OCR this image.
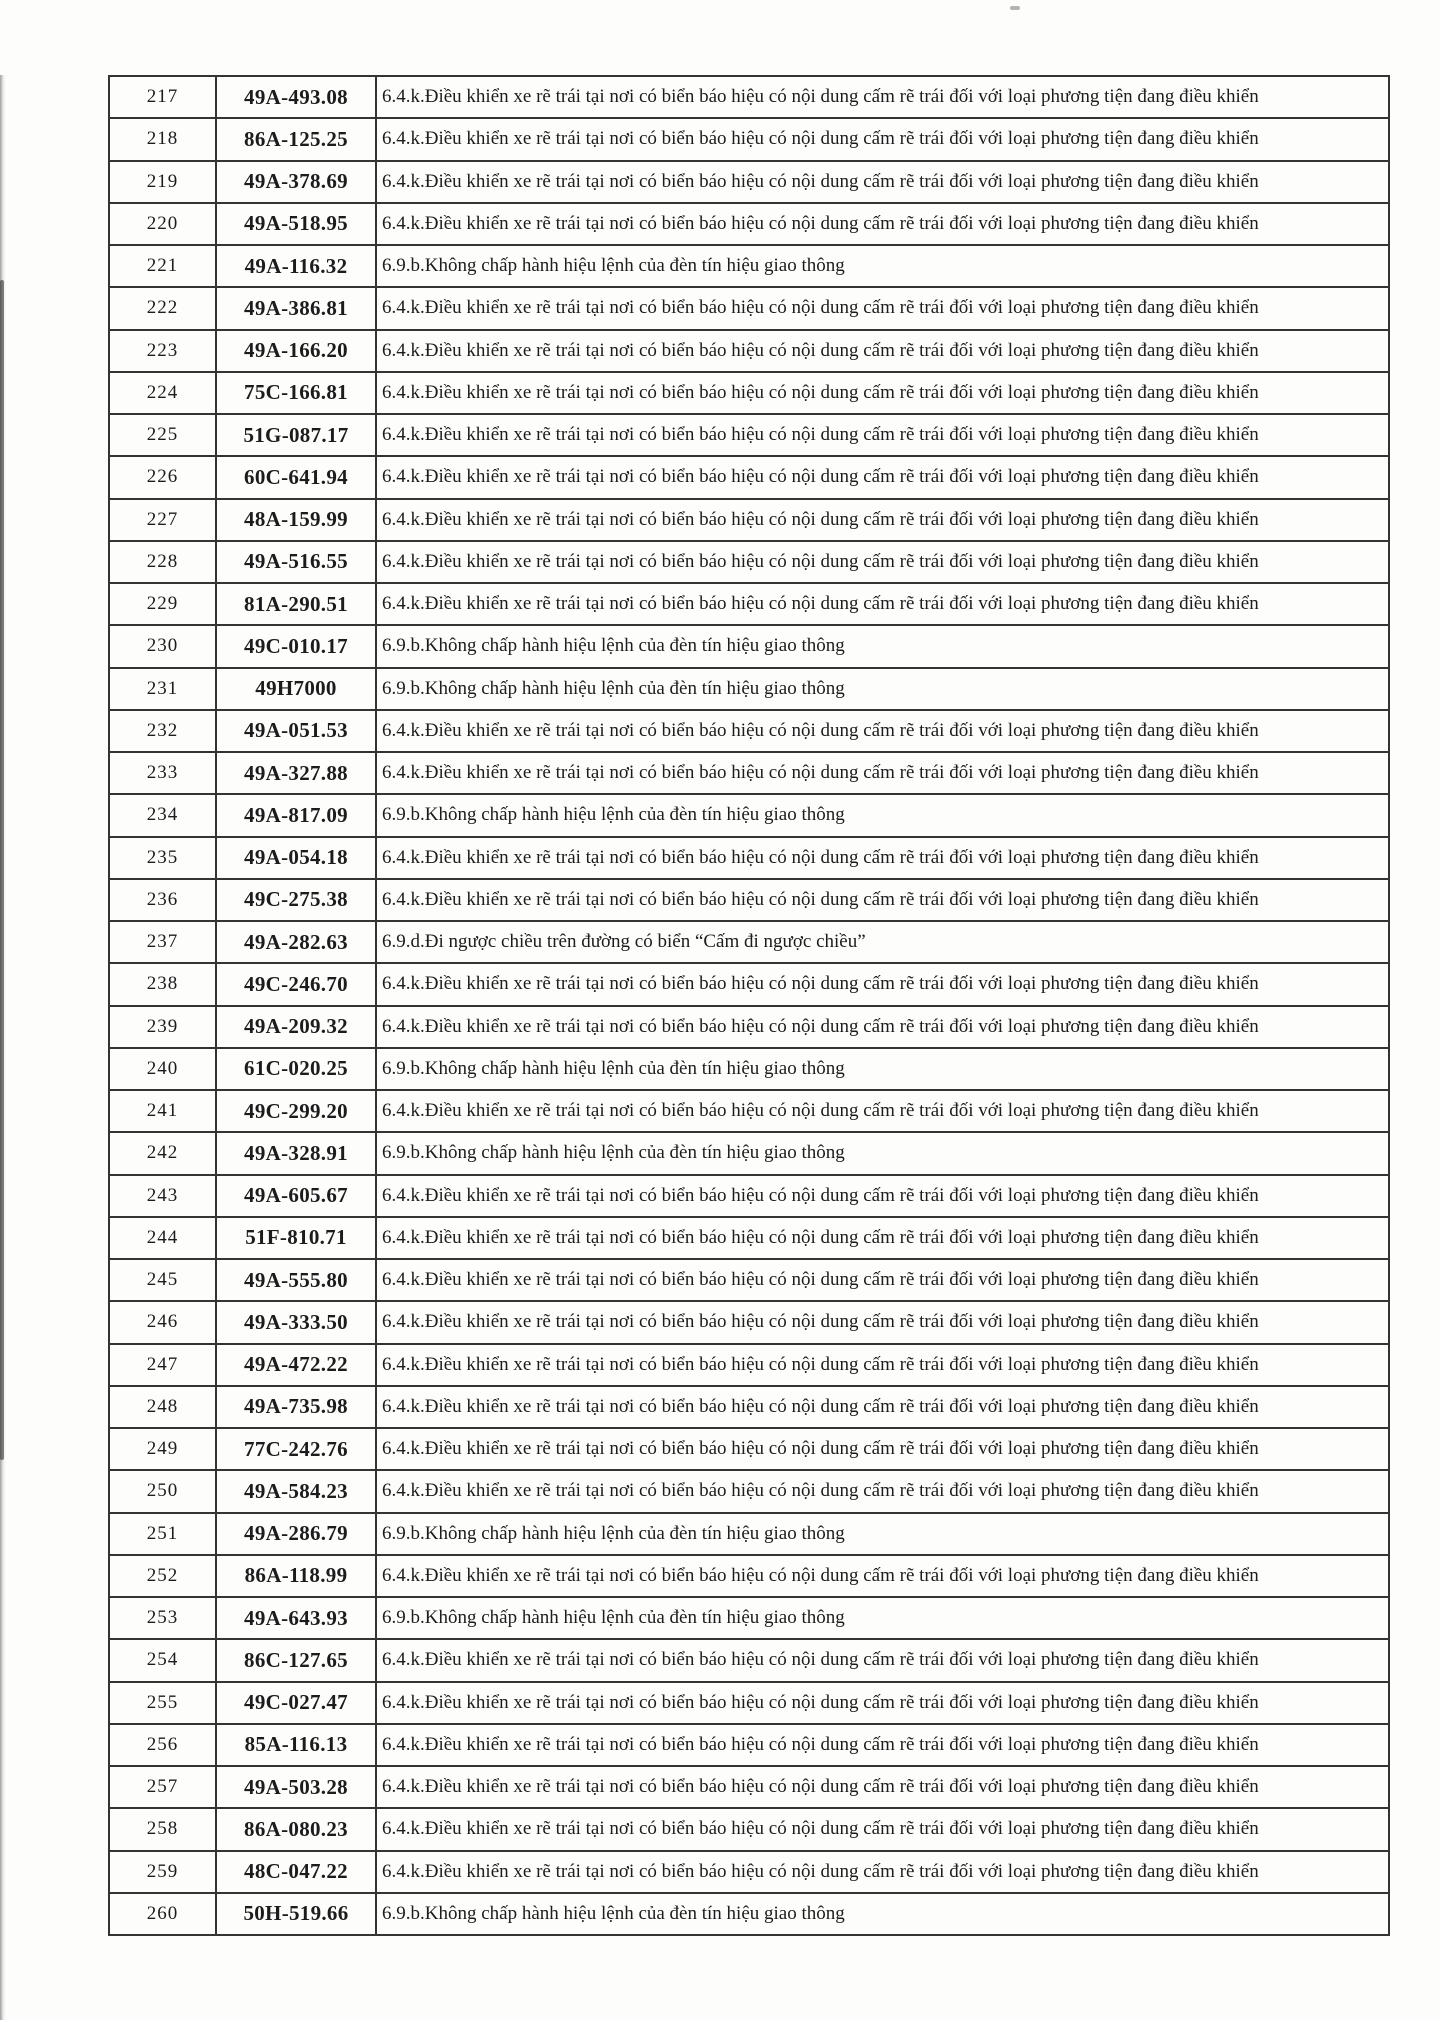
217	49A-493.08	6.4.k.Điều khiển xe rẽ trái tại nơi có biển báo hiệu có nội dung cấm rẽ trái đối với loại phương tiện đang điều khiển
218	86A-125.25	6.4.k.Điều khiển xe rẽ trái tại nơi có biển báo hiệu có nội dung cấm rẽ trái đối với loại phương tiện đang điều khiển
219	49A-378.69	6.4.k.Điều khiển xe rẽ trái tại nơi có biển báo hiệu có nội dung cấm rẽ trái đối với loại phương tiện đang điều khiển
220	49A-518.95	6.4.k.Điều khiển xe rẽ trái tại nơi có biển báo hiệu có nội dung cấm rẽ trái đối với loại phương tiện đang điều khiển
221	49A-116.32	6.9.b.Không chấp hành hiệu lệnh của đèn tín hiệu giao thông
222	49A-386.81	6.4.k.Điều khiển xe rẽ trái tại nơi có biển báo hiệu có nội dung cấm rẽ trái đối với loại phương tiện đang điều khiển
223	49A-166.20	6.4.k.Điều khiển xe rẽ trái tại nơi có biển báo hiệu có nội dung cấm rẽ trái đối với loại phương tiện đang điều khiển
224	75C-166.81	6.4.k.Điều khiển xe rẽ trái tại nơi có biển báo hiệu có nội dung cấm rẽ trái đối với loại phương tiện đang điều khiển
225	51G-087.17	6.4.k.Điều khiển xe rẽ trái tại nơi có biển báo hiệu có nội dung cấm rẽ trái đối với loại phương tiện đang điều khiển
226	60C-641.94	6.4.k.Điều khiển xe rẽ trái tại nơi có biển báo hiệu có nội dung cấm rẽ trái đối với loại phương tiện đang điều khiển
227	48A-159.99	6.4.k.Điều khiển xe rẽ trái tại nơi có biển báo hiệu có nội dung cấm rẽ trái đối với loại phương tiện đang điều khiển
228	49A-516.55	6.4.k.Điều khiển xe rẽ trái tại nơi có biển báo hiệu có nội dung cấm rẽ trái đối với loại phương tiện đang điều khiển
229	81A-290.51	6.4.k.Điều khiển xe rẽ trái tại nơi có biển báo hiệu có nội dung cấm rẽ trái đối với loại phương tiện đang điều khiển
230	49C-010.17	6.9.b.Không chấp hành hiệu lệnh của đèn tín hiệu giao thông
231	49H7000	6.9.b.Không chấp hành hiệu lệnh của đèn tín hiệu giao thông
232	49A-051.53	6.4.k.Điều khiển xe rẽ trái tại nơi có biển báo hiệu có nội dung cấm rẽ trái đối với loại phương tiện đang điều khiển
233	49A-327.88	6.4.k.Điều khiển xe rẽ trái tại nơi có biển báo hiệu có nội dung cấm rẽ trái đối với loại phương tiện đang điều khiển
234	49A-817.09	6.9.b.Không chấp hành hiệu lệnh của đèn tín hiệu giao thông
235	49A-054.18	6.4.k.Điều khiển xe rẽ trái tại nơi có biển báo hiệu có nội dung cấm rẽ trái đối với loại phương tiện đang điều khiển
236	49C-275.38	6.4.k.Điều khiển xe rẽ trái tại nơi có biển báo hiệu có nội dung cấm rẽ trái đối với loại phương tiện đang điều khiển
237	49A-282.63	6.9.d.Đi ngược chiều trên đường có biển “Cấm đi ngược chiều”
238	49C-246.70	6.4.k.Điều khiển xe rẽ trái tại nơi có biển báo hiệu có nội dung cấm rẽ trái đối với loại phương tiện đang điều khiển
239	49A-209.32	6.4.k.Điều khiển xe rẽ trái tại nơi có biển báo hiệu có nội dung cấm rẽ trái đối với loại phương tiện đang điều khiển
240	61C-020.25	6.9.b.Không chấp hành hiệu lệnh của đèn tín hiệu giao thông
241	49C-299.20	6.4.k.Điều khiển xe rẽ trái tại nơi có biển báo hiệu có nội dung cấm rẽ trái đối với loại phương tiện đang điều khiển
242	49A-328.91	6.9.b.Không chấp hành hiệu lệnh của đèn tín hiệu giao thông
243	49A-605.67	6.4.k.Điều khiển xe rẽ trái tại nơi có biển báo hiệu có nội dung cấm rẽ trái đối với loại phương tiện đang điều khiển
244	51F-810.71	6.4.k.Điều khiển xe rẽ trái tại nơi có biển báo hiệu có nội dung cấm rẽ trái đối với loại phương tiện đang điều khiển
245	49A-555.80	6.4.k.Điều khiển xe rẽ trái tại nơi có biển báo hiệu có nội dung cấm rẽ trái đối với loại phương tiện đang điều khiển
246	49A-333.50	6.4.k.Điều khiển xe rẽ trái tại nơi có biển báo hiệu có nội dung cấm rẽ trái đối với loại phương tiện đang điều khiển
247	49A-472.22	6.4.k.Điều khiển xe rẽ trái tại nơi có biển báo hiệu có nội dung cấm rẽ trái đối với loại phương tiện đang điều khiển
248	49A-735.98	6.4.k.Điều khiển xe rẽ trái tại nơi có biển báo hiệu có nội dung cấm rẽ trái đối với loại phương tiện đang điều khiển
249	77C-242.76	6.4.k.Điều khiển xe rẽ trái tại nơi có biển báo hiệu có nội dung cấm rẽ trái đối với loại phương tiện đang điều khiển
250	49A-584.23	6.4.k.Điều khiển xe rẽ trái tại nơi có biển báo hiệu có nội dung cấm rẽ trái đối với loại phương tiện đang điều khiển
251	49A-286.79	6.9.b.Không chấp hành hiệu lệnh của đèn tín hiệu giao thông
252	86A-118.99	6.4.k.Điều khiển xe rẽ trái tại nơi có biển báo hiệu có nội dung cấm rẽ trái đối với loại phương tiện đang điều khiển
253	49A-643.93	6.9.b.Không chấp hành hiệu lệnh của đèn tín hiệu giao thông
254	86C-127.65	6.4.k.Điều khiển xe rẽ trái tại nơi có biển báo hiệu có nội dung cấm rẽ trái đối với loại phương tiện đang điều khiển
255	49C-027.47	6.4.k.Điều khiển xe rẽ trái tại nơi có biển báo hiệu có nội dung cấm rẽ trái đối với loại phương tiện đang điều khiển
256	85A-116.13	6.4.k.Điều khiển xe rẽ trái tại nơi có biển báo hiệu có nội dung cấm rẽ trái đối với loại phương tiện đang điều khiển
257	49A-503.28	6.4.k.Điều khiển xe rẽ trái tại nơi có biển báo hiệu có nội dung cấm rẽ trái đối với loại phương tiện đang điều khiển
258	86A-080.23	6.4.k.Điều khiển xe rẽ trái tại nơi có biển báo hiệu có nội dung cấm rẽ trái đối với loại phương tiện đang điều khiển
259	48C-047.22	6.4.k.Điều khiển xe rẽ trái tại nơi có biển báo hiệu có nội dung cấm rẽ trái đối với loại phương tiện đang điều khiển
260	50H-519.66	6.9.b.Không chấp hành hiệu lệnh của đèn tín hiệu giao thông
